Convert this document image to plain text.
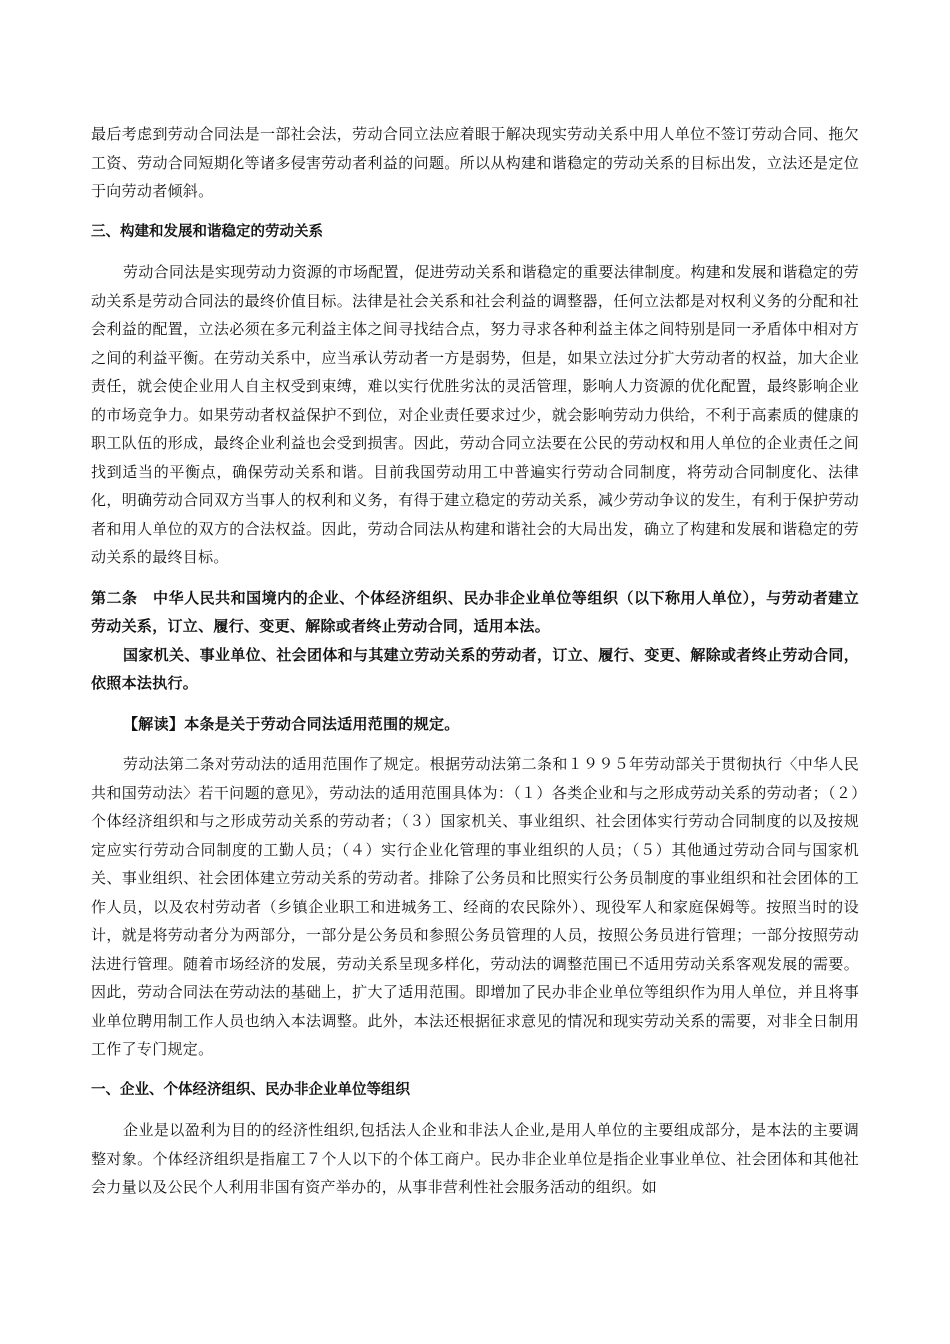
最后考虑到劳动合同法是一部社会法，劳动合同立法应着眼于解决现实劳动关系中用人单位不签订劳动合同、拖欠工资、劳动合同短期化等诸多侵害劳动者利益的问题。所以从构建和谐稳定的劳动关系的目标出发，立法还是定位于向劳动者倾斜。

三、构建和发展和谐稳定的劳动关系

劳动合同法是实现劳动力资源的市场配置，促进劳动关系和谐稳定的重要法律制度。构建和发展和谐稳定的劳动关系是劳动合同法的最终价值目标。法律是社会关系和社会利益的调整器，任何立法都是对权利义务的分配和社会利益的配置，立法必须在多元利益主体之间寻找结合点，努力寻求各种利益主体之间特别是同一矛盾体中相对方之间的利益平衡。在劳动关系中，应当承认劳动者一方是弱势，但是，如果立法过分扩大劳动者的权益，加大企业责任，就会使企业用人自主权受到束缚，难以实行优胜劣汰的灵活管理，影响人力资源的优化配置，最终影响企业的市场竞争力。如果劳动者权益保护不到位，对企业责任要求过少，就会影响劳动力供给，不利于高素质的健康的职工队伍的形成，最终企业利益也会受到损害。因此，劳动合同立法要在公民的劳动权和用人单位的企业责任之间找到适当的平衡点，确保劳动关系和谐。目前我国劳动用工中普遍实行劳动合同制度，将劳动合同制度化、法律化，明确劳动合同双方当事人的权利和义务，有得于建立稳定的劳动关系，减少劳动争议的发生，有利于保护劳动者和用人单位的双方的合法权益。因此，劳动合同法从构建和谐社会的大局出发，确立了构建和发展和谐稳定的劳动关系的最终目标。

第二条　中华人民共和国境内的企业、个体经济组织、民办非企业单位等组织（以下称用人单位），与劳动者建立劳动关系，订立、履行、变更、解除或者终止劳动合同，适用本法。

国家机关、事业单位、社会团体和与其建立劳动关系的劳动者，订立、履行、变更、解除或者终止劳动合同，依照本法执行。

【解读】本条是关于劳动合同法适用范围的规定。

劳动法第二条对劳动法的适用范围作了规定。根据劳动法第二条和１９９５年劳动部关于贯彻执行〈中华人民共和国劳动法〉若干问题的意见》，劳动法的适用范围具体为：（１）各类企业和与之形成劳动关系的劳动者；（２）个体经济组织和与之形成劳动关系的劳动者；（３）国家机关、事业组织、社会团体实行劳动合同制度的以及按规定应实行劳动合同制度的工勤人员；（４）实行企业化管理的事业组织的人员；（５）其他通过劳动合同与国家机关、事业组织、社会团体建立劳动关系的劳动者。排除了公务员和比照实行公务员制度的事业组织和社会团体的工作人员，以及农村劳动者（乡镇企业职工和进城务工、经商的农民除外）、现役军人和家庭保姆等。按照当时的设计，就是将劳动者分为两部分，一部分是公务员和参照公务员管理的人员，按照公务员进行管理；一部分按照劳动法进行管理。随着市场经济的发展，劳动关系呈现多样化，劳动法的调整范围已不适用劳动关系客观发展的需要。因此，劳动合同法在劳动法的基础上，扩大了适用范围。即增加了民办非企业单位等组织作为用人单位，并且将事业单位聘用制工作人员也纳入本法调整。此外，本法还根据征求意见的情况和现实劳动关系的需要，对非全日制用工作了专门规定。

一、企业、个体经济组织、民办非企业单位等组织

企业是以盈利为目的的经济性组织,包括法人企业和非法人企业,是用人单位的主要组成部分，是本法的主要调整对象。个体经济组织是指雇工７个人以下的个体工商户。民办非企业单位是指企业事业单位、社会团体和其他社会力量以及公民个人利用非国有资产举办的，从事非营利性社会服务活动的组织。如
